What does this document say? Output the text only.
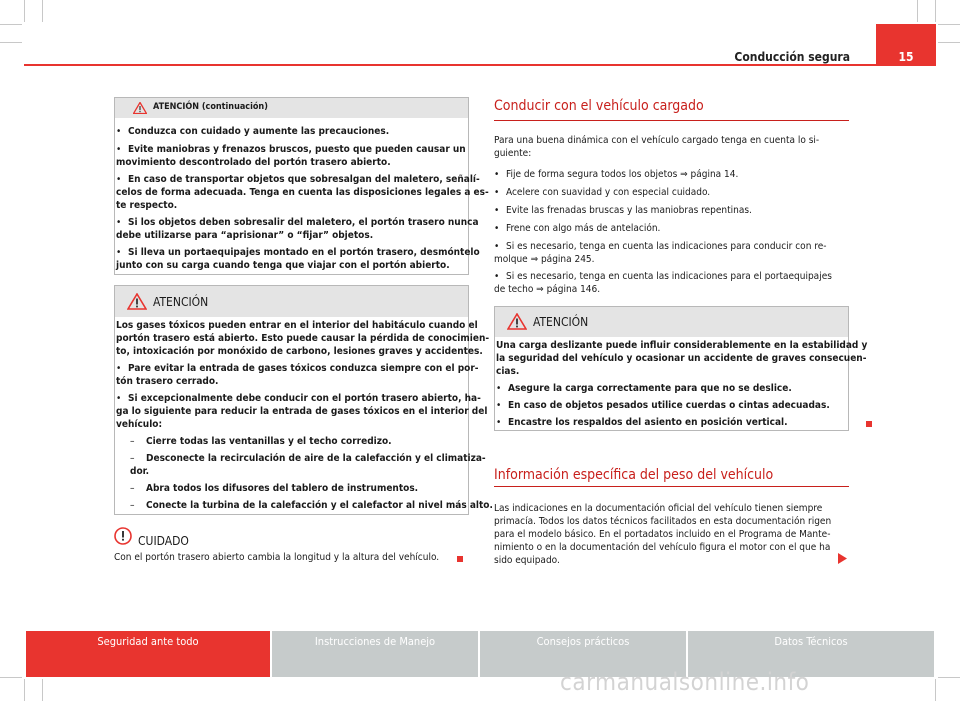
Conducción segura	15
ATENCIÓN (continuación)
• Conduzca con cuidado y aumente las precauciones.
• Evite maniobras y frenazos bruscos, puesto que pueden causar un
movimiento descontrolado del portón trasero abierto.
• En caso de transportar objetos que sobresalgan del maletero, señalí-
celos de forma adecuada. Tenga en cuenta las disposiciones legales a es-
te respecto.
• Si los objetos deben sobresalir del maletero, el portón trasero nunca
debe utilizarse para “aprisionar” o “fijar” objetos.
• Si lleva un portaequipajes montado en el portón trasero, desmóntelo
junto con su carga cuando tenga que viajar con el portón abierto.
ATENCIÓN
Los gases tóxicos pueden entrar en el interior del habitáculo cuando el
portón trasero está abierto. Esto puede causar la pérdida de conocimien-
to, intoxicación por monóxido de carbono, lesiones graves y accidentes.
• Pare evitar la entrada de gases tóxicos conduzca siempre con el por-
tón trasero cerrado.
• Si excepcionalmente debe conducir con el portón trasero abierto, ha-
ga lo siguiente para reducir la entrada de gases tóxicos en el interior del
vehículo:
– Cierre todas las ventanillas y el techo corredizo.
– Desconecte la recirculación de aire de la calefacción y el climatiza-
dor.
– Abra todos los difusores del tablero de instrumentos.
– Conecte la turbina de la calefacción y el calefactor al nivel más alto.
CUIDADO
Con el portón trasero abierto cambia la longitud y la altura del vehículo.
Conducir con el vehículo cargado
Para una buena dinámica con el vehículo cargado tenga en cuenta lo si-
guiente:
• Fije de forma segura todos los objetos ⇒ página 14.
• Acelere con suavidad y con especial cuidado.
• Evite las frenadas bruscas y las maniobras repentinas.
• Frene con algo más de antelación.
• Si es necesario, tenga en cuenta las indicaciones para conducir con re-
molque ⇒ página 245.
• Si es necesario, tenga en cuenta las indicaciones para el portaequipajes
de techo ⇒ página 146.
ATENCIÓN
Una carga deslizante puede influir considerablemente en la estabilidad y
la seguridad del vehículo y ocasionar un accidente de graves consecuen-
cias.
• Asegure la carga correctamente para que no se deslice.
• En caso de objetos pesados utilice cuerdas o cintas adecuadas.
• Encastre los respaldos del asiento en posición vertical.
Información específica del peso del vehículo
Las indicaciones en la documentación oficial del vehículo tienen siempre
primacía. Todos los datos técnicos facilitados en esta documentación rigen
para el modelo básico. En el portadatos incluido en el Programa de Mante-
nimiento o en la documentación del vehículo figura el motor con el que ha
sido equipado.
Seguridad ante todo	Instrucciones de Manejo	Consejos prácticos	Datos Técnicos
carmanualsonline.info
